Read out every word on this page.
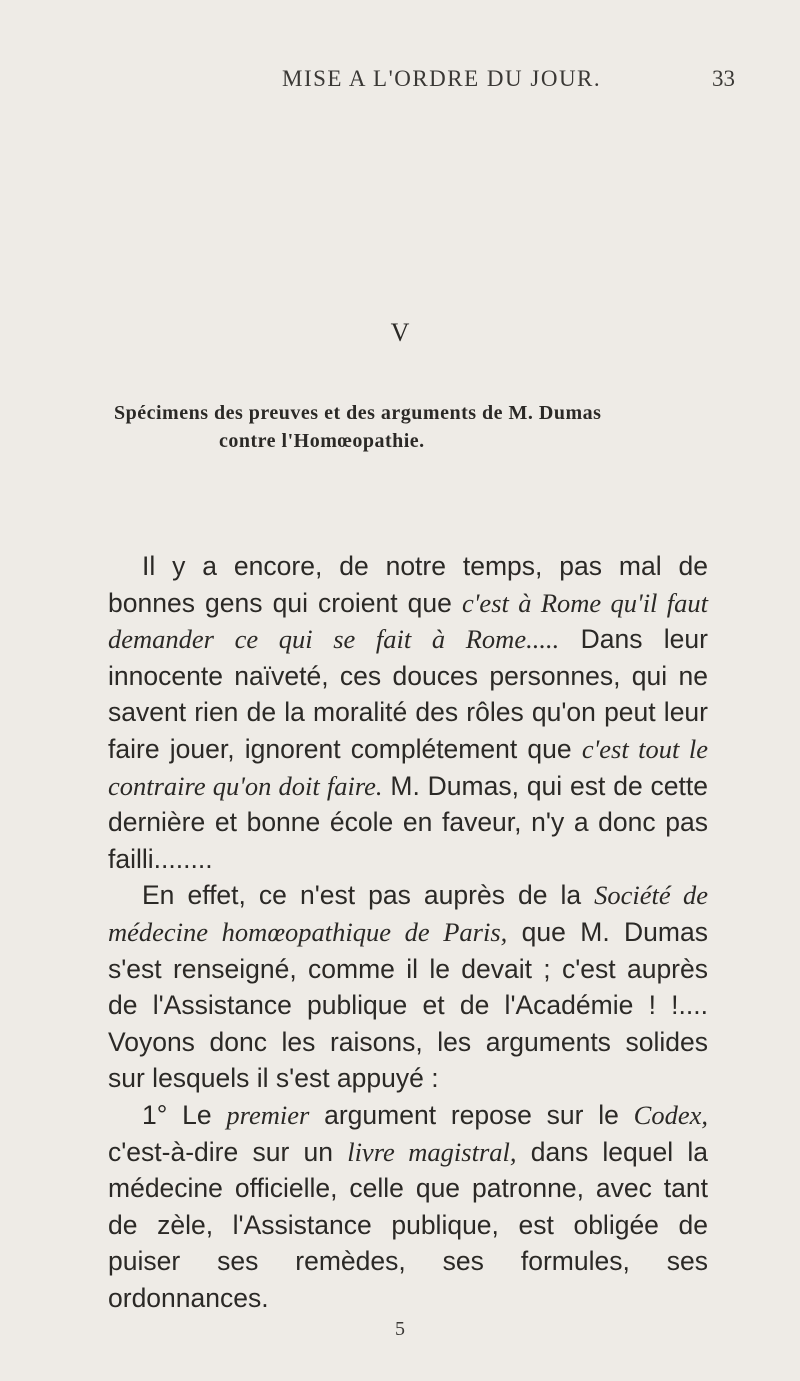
MISE A L'ORDRE DU JOUR.	33
V
Spécimens des preuves et des arguments de M. Dumas
contre l'Homœopathie.

Il y a encore, de notre temps, pas mal de bonnes gens qui croient que c'est à Rome qu'il faut demander ce qui se fait à Rome..... Dans leur innocente naïveté, ces douces personnes, qui ne savent rien de la moralité des rôles qu'on peut leur faire jouer, ignorent complétement que c'est tout le contraire qu'on doit faire. M. Dumas, qui est de cette dernière et bonne école en faveur, n'y a donc pas failli........

En effet, ce n'est pas auprès de la Société de médecine homœopathique de Paris, que M. Dumas s'est renseigné, comme il le devait ; c'est auprès de l'Assistance publique et de l'Académie ! !.... Voyons donc les raisons, les arguments solides sur lesquels il s'est appuyé :

1° Le premier argument repose sur le Codex, c'est-à-dire sur un livre magistral, dans lequel la médecine officielle, celle que patronne, avec tant de zèle, l'Assistance publique, est obligée de puiser ses remèdes, ses formules, ses ordonnances.

5
